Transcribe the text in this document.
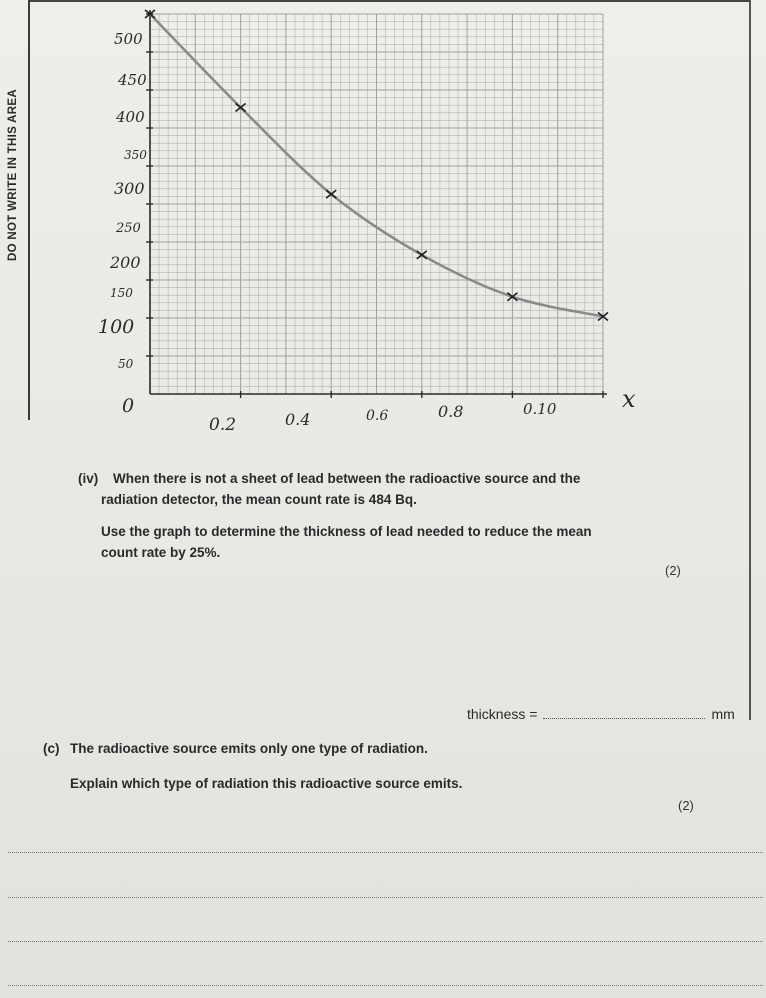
DO NOT WRITE IN THIS AREA
500
450
400
350
300
250
200
150
100
50
0
0.2	0.4	0.6	0.8	0.10	x
(iv) When there is not a sheet of lead between the radioactive source and the
radiation detector, the mean count rate is 484 Bq.
Use the graph to determine the thickness of lead needed to reduce the mean
count rate by 25%.
(2)
thickness =	mm
(c) The radioactive source emits only one type of radiation.
Explain which type of radiation this radioactive source emits.
(2)
